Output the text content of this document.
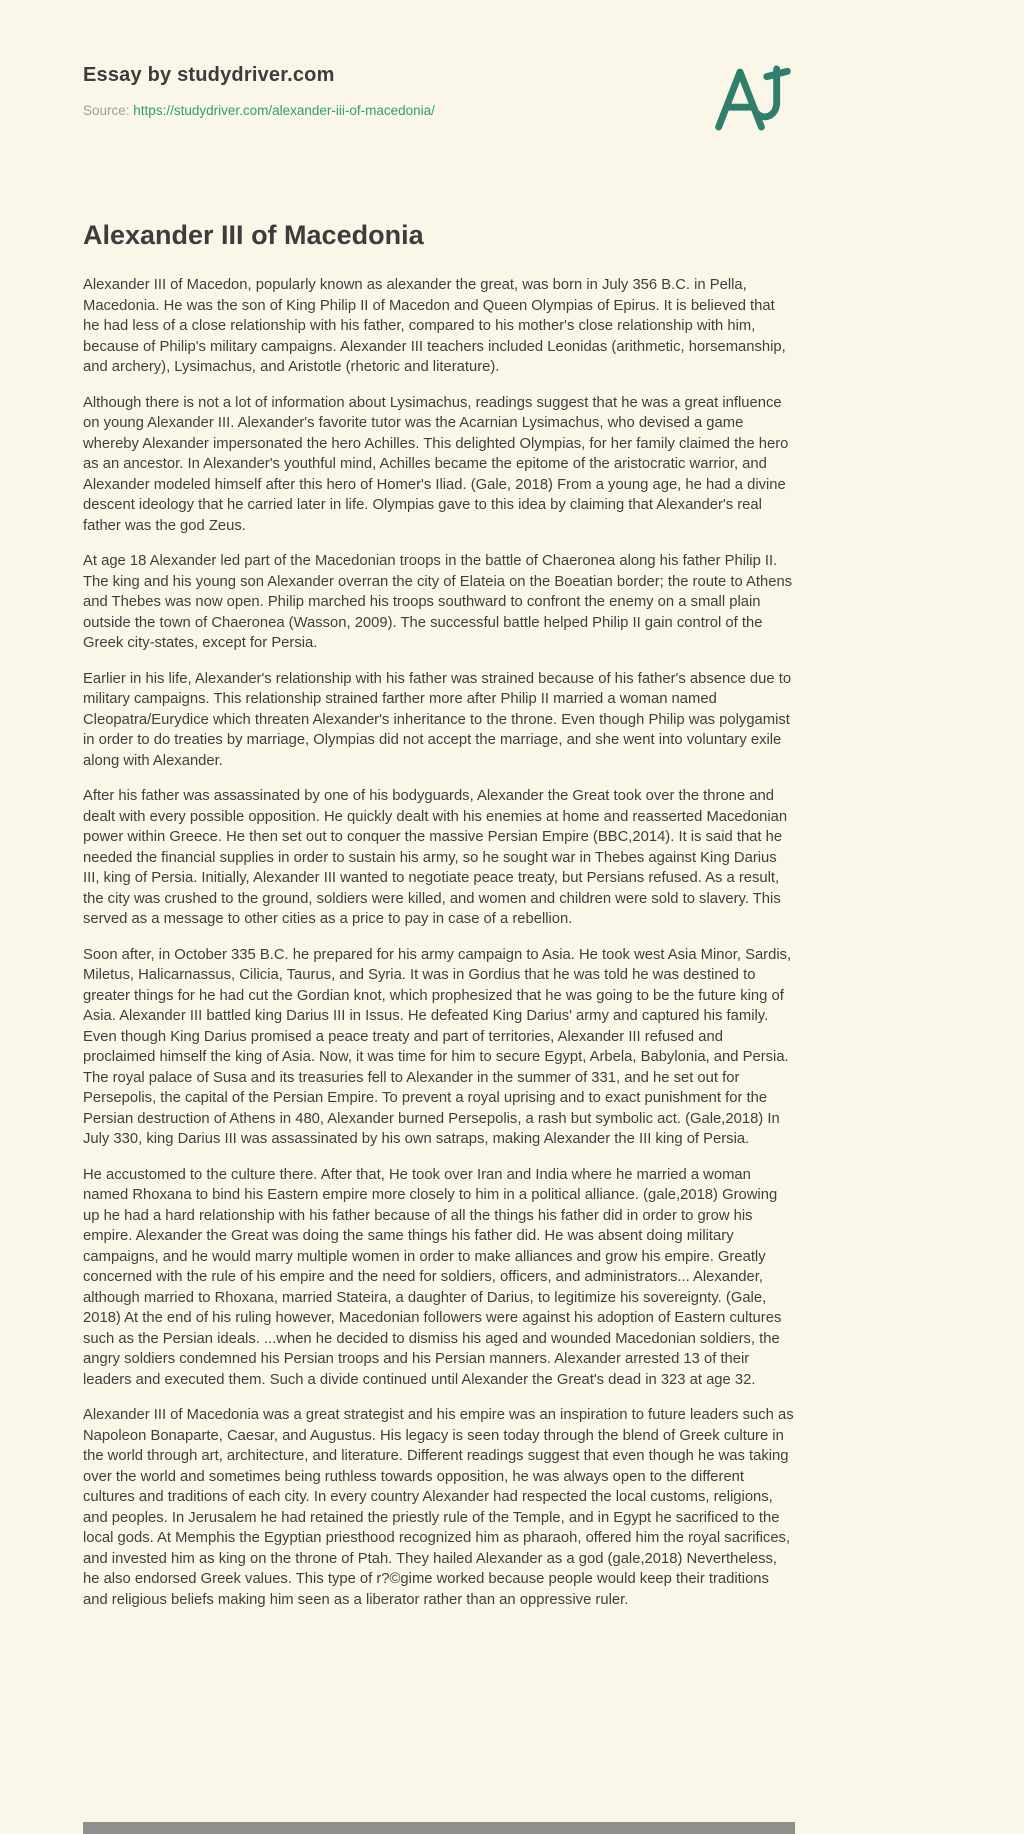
Essay by studydriver.com

Source: https://studydriver.com/alexander-iii-of-macedonia/

Alexander III of Macedonia

Alexander III of Macedon, popularly known as alexander the great, was born in July 356 B.C. in Pella, Macedonia. He was the son of King Philip II of Macedon and Queen Olympias of Epirus. It is believed that he had less of a close relationship with his father, compared to his mother's close relationship with him, because of Philip's military campaigns. Alexander III teachers included Leonidas (arithmetic, horsemanship, and archery), Lysimachus, and Aristotle (rhetoric and literature).

Although there is not a lot of information about Lysimachus, readings suggest that he was a great influence on young Alexander III. Alexander's favorite tutor was the Acarnian Lysimachus, who devised a game whereby Alexander impersonated the hero Achilles. This delighted Olympias, for her family claimed the hero as an ancestor. In Alexander's youthful mind, Achilles became the epitome of the aristocratic warrior, and Alexander modeled himself after this hero of Homer's Iliad. (Gale, 2018) From a young age, he had a divine descent ideology that he carried later in life. Olympias gave to this idea by claiming that Alexander's real father was the god Zeus.

At age 18 Alexander led part of the Macedonian troops in the battle of Chaeronea along his father Philip II. The king and his young son Alexander overran the city of Elateia on the Boeatian border; the route to Athens and Thebes was now open. Philip marched his troops southward to confront the enemy on a small plain outside the town of Chaeronea (Wasson, 2009). The successful battle helped Philip II gain control of the Greek city-states, except for Persia.

Earlier in his life, Alexander's relationship with his father was strained because of his father's absence due to military campaigns. This relationship strained farther more after Philip II married a woman named Cleopatra/Eurydice which threaten Alexander's inheritance to the throne. Even though Philip was polygamist in order to do treaties by marriage, Olympias did not accept the marriage, and she went into voluntary exile along with Alexander.

After his father was assassinated by one of his bodyguards, Alexander the Great took over the throne and dealt with every possible opposition. He quickly dealt with his enemies at home and reasserted Macedonian power within Greece. He then set out to conquer the massive Persian Empire (BBC,2014). It is said that he needed the financial supplies in order to sustain his army, so he sought war in Thebes against King Darius III, king of Persia. Initially, Alexander III wanted to negotiate peace treaty, but Persians refused. As a result, the city was crushed to the ground, soldiers were killed, and women and children were sold to slavery. This served as a message to other cities as a price to pay in case of a rebellion.

Soon after, in October 335 B.C. he prepared for his army campaign to Asia. He took west Asia Minor, Sardis, Miletus, Halicarnassus, Cilicia, Taurus, and Syria. It was in Gordius that he was told he was destined to greater things for he had cut the Gordian knot, which prophesized that he was going to be the future king of Asia. Alexander III battled king Darius III in Issus. He defeated King Darius' army and captured his family. Even though King Darius promised a peace treaty and part of territories, Alexander III refused and proclaimed himself the king of Asia. Now, it was time for him to secure Egypt, Arbela, Babylonia, and Persia. The royal palace of Susa and its treasuries fell to Alexander in the summer of 331, and he set out for Persepolis, the capital of the Persian Empire. To prevent a royal uprising and to exact punishment for the Persian destruction of Athens in 480, Alexander burned Persepolis, a rash but symbolic act. (Gale,2018) In July 330, king Darius III was assassinated by his own satraps, making Alexander the III king of Persia.

He accustomed to the culture there. After that, He took over Iran and India where he married a woman named Rhoxana to bind his Eastern empire more closely to him in a political alliance. (gale,2018) Growing up he had a hard relationship with his father because of all the things his father did in order to grow his empire. Alexander the Great was doing the same things his father did. He was absent doing military campaigns, and he would marry multiple women in order to make alliances and grow his empire. Greatly concerned with the rule of his empire and the need for soldiers, officers, and administrators... Alexander, although married to Rhoxana, married Stateira, a daughter of Darius, to legitimize his sovereignty. (Gale, 2018) At the end of his ruling however, Macedonian followers were against his adoption of Eastern cultures such as the Persian ideals. ...when he decided to dismiss his aged and wounded Macedonian soldiers, the angry soldiers condemned his Persian troops and his Persian manners. Alexander arrested 13 of their leaders and executed them. Such a divide continued until Alexander the Great's dead in 323 at age 32.

Alexander III of Macedonia was a great strategist and his empire was an inspiration to future leaders such as Napoleon Bonaparte, Caesar, and Augustus. His legacy is seen today through the blend of Greek culture in the world through art, architecture, and literature. Different readings suggest that even though he was taking over the world and sometimes being ruthless towards opposition, he was always open to the different cultures and traditions of each city. In every country Alexander had respected the local customs, religions, and peoples. In Jerusalem he had retained the priestly rule of the Temple, and in Egypt he sacrificed to the local gods. At Memphis the Egyptian priesthood recognized him as pharaoh, offered him the royal sacrifices, and invested him as king on the throne of Ptah. They hailed Alexander as a god (gale,2018) Nevertheless, he also endorsed Greek values. This type of r?©gime worked because people would keep their traditions and religious beliefs making him seen as a liberator rather than an oppressive ruler.
